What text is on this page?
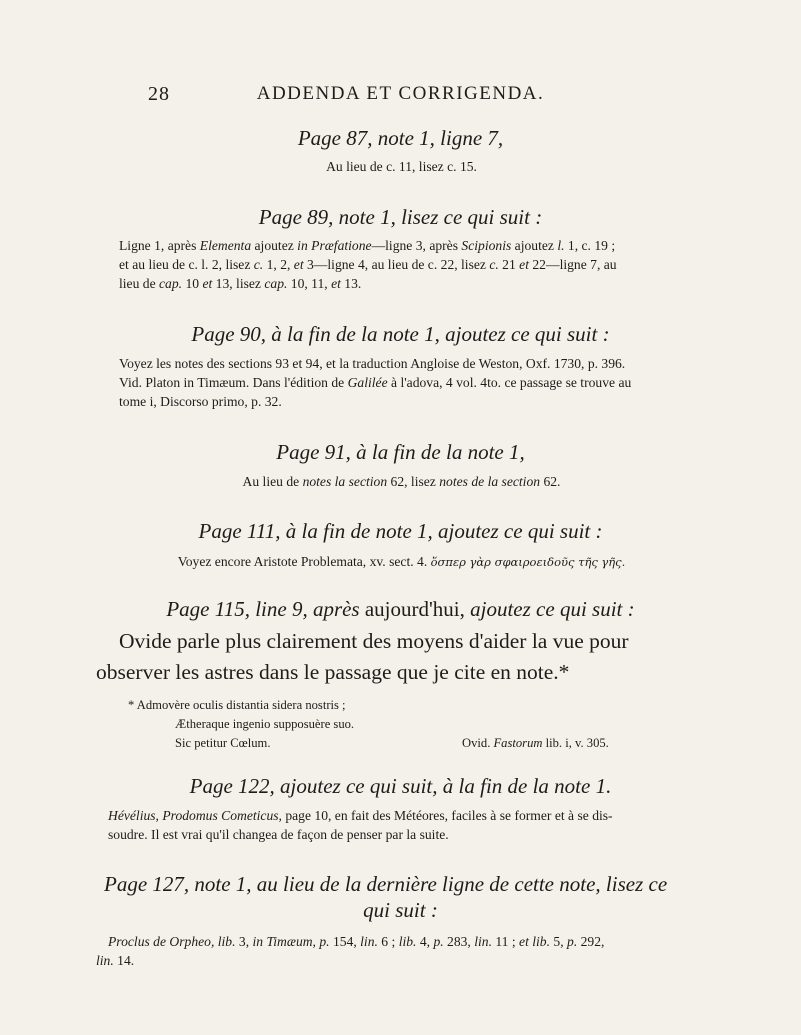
28	ADDENDA ET CORRIGENDA.
Page 87, note 1, ligne 7,
Au lieu de c. 11, lisez c. 15.
Page 89, note 1, lisez ce qui suit :
Ligne 1, après Elementa ajoutez in Præfatione—ligne 3, après Scipionis ajoutez l. 1, c. 19 ;
et au lieu de c. l. 2, lisez c. 1, 2, et 3—ligne 4, au lieu de c. 22, lisez c. 21 et 22—ligne 7, au
lieu de cap. 10 et 13, lisez cap. 10, 11, et 13.
Page 90, à la fin de la note 1, ajoutez ce qui suit :
Voyez les notes des sections 93 et 94, et la traduction Angloise de Weston, Oxf. 1730, p. 396.
Vid. Platon in Timæum. Dans l'édition de Galilée à l'adova, 4 vol. 4to. ce passage se trouve au
tome i, Discorso primo, p. 32.
Page 91, à la fin de la note 1,
Au lieu de notes la section 62, lisez notes de la section 62.
Page 111, à la fin de note 1, ajoutez ce qui suit :
Voyez encore Aristote Problemata, xv. sect. 4. ὅσπερ γὰρ σφαιροειδοῦς τῆς γῆς.
Page 115, line 9, après aujourd'hui, ajoutez ce qui suit :
Ovide parle plus clairement des moyens d'aider la vue pour
observer les astres dans le passage que je cite en note.*
* Admovère oculis distantia sidera nostris ;
Ætheraque ingenio supposuère suo.
Sic petitur Cœlum.	Ovid. Fastorum lib. i, v. 305.
Page 122, ajoutez ce qui suit, à la fin de la note 1.
Hévélius, Prodomus Cometicus, page 10, en fait des Météores, faciles à se former et à se dis-
soudre. Il est vrai qu'il changea de façon de penser par la suite.
Page 127, note 1, au lieu de la dernière ligne de cette note, lisez ce
qui suit :
Proclus de Orpheo, lib. 3, in Timæum, p. 154, lin. 6 ; lib. 4, p. 283, lin. 11 ; et lib. 5, p. 292,
lin. 14.
